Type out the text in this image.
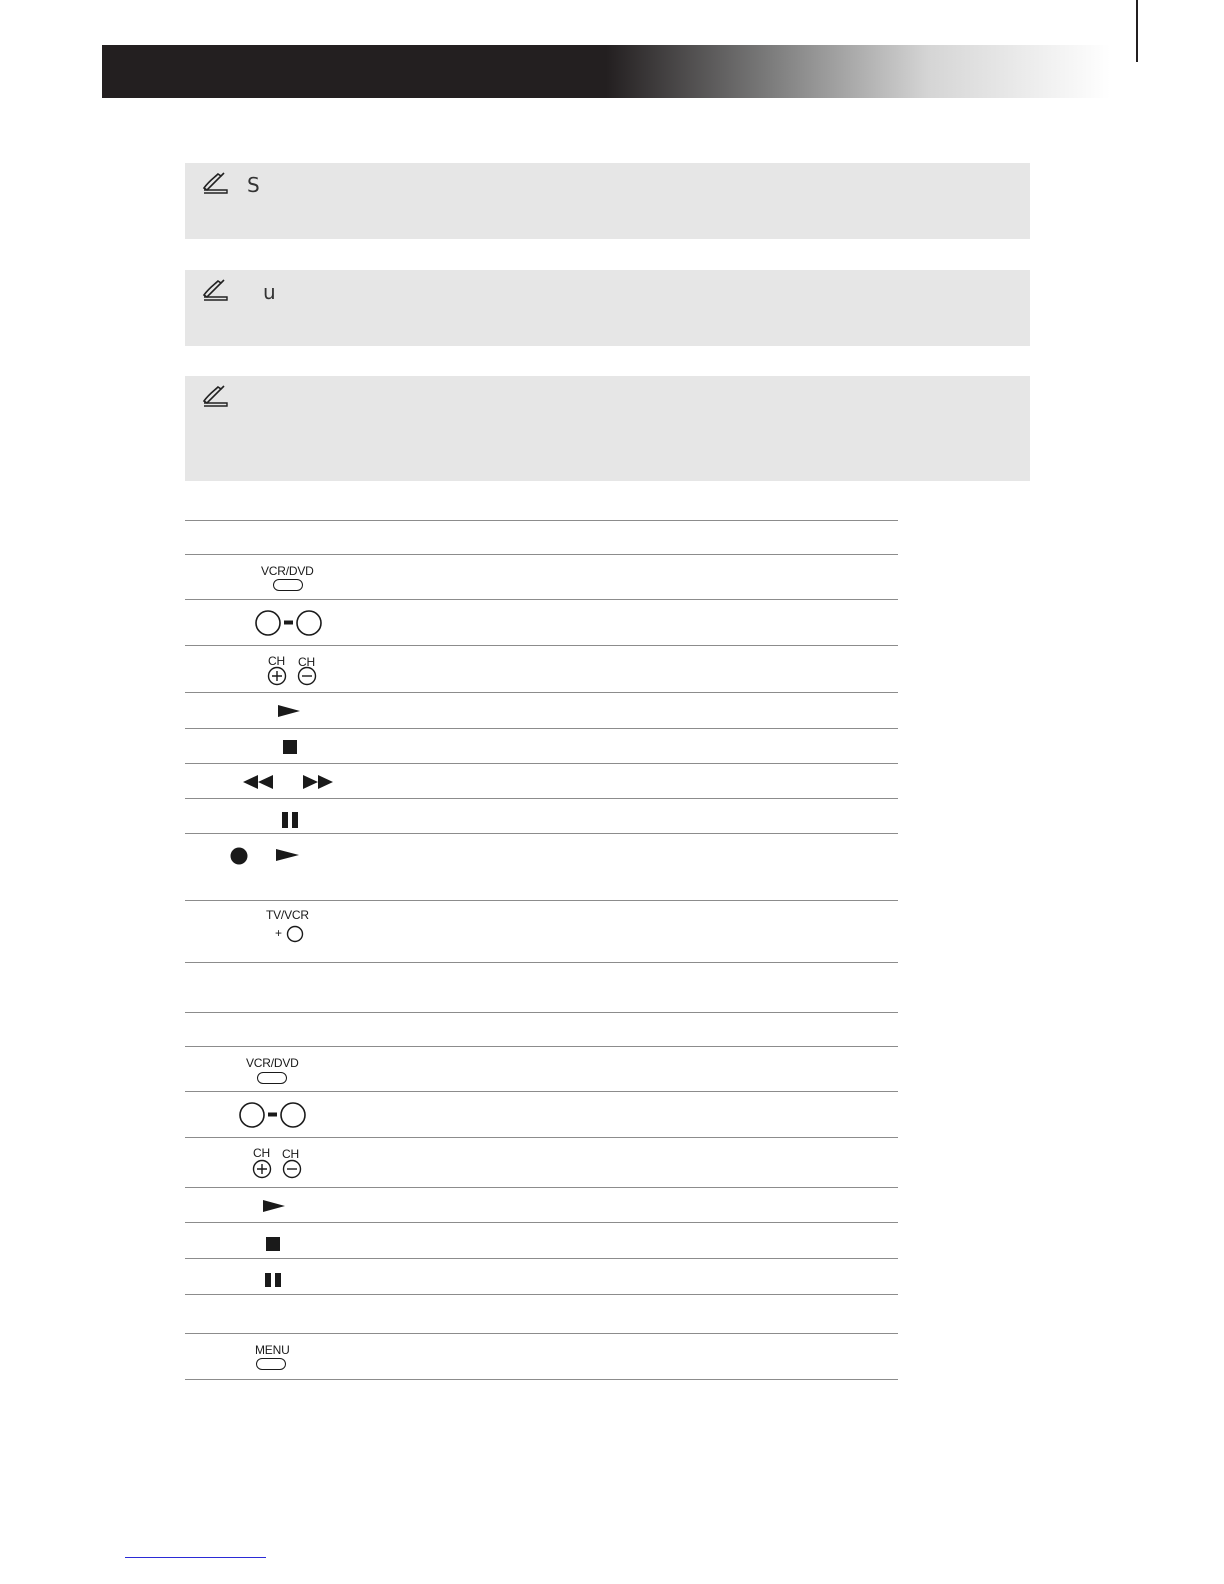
S
u
VCR/DVD
CH CH
TV/VCR
+
VCR/DVD
CH CH
MENU
